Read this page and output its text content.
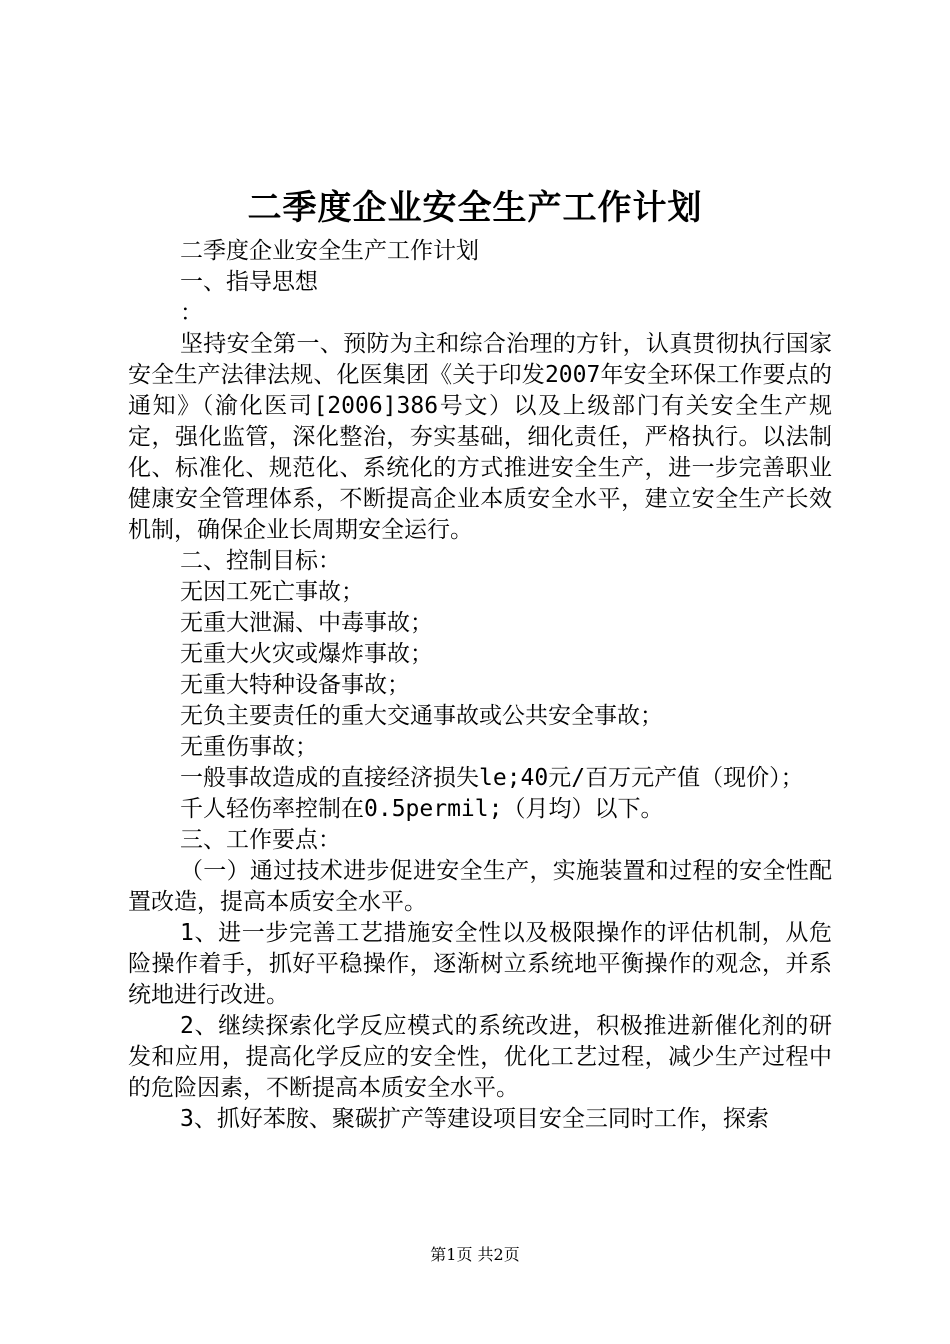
二季度企业安全生产工作计划

二季度企业安全生产工作计划

一、指导思想

：

坚持安全第一、预防为主和综合治理的方针，认真贯彻执行国家安全生产法律法规、化医集团《关于印发2007年安全环保工作要点的通知》（渝化医司[2006]386号文）以及上级部门有关安全生产规定，强化监管，深化整治，夯实基础，细化责任，严格执行。以法制化、标准化、规范化、系统化的方式推进安全生产，进一步完善职业健康安全管理体系，不断提高企业本质安全水平，建立安全生产长效机制，确保企业长周期安全运行。

二、控制目标：

无因工死亡事故；

无重大泄漏、中毒事故；

无重大火灾或爆炸事故；

无重大特种设备事故；

无负主要责任的重大交通事故或公共安全事故；

无重伤事故；

一般事故造成的直接经济损失le;40元/百万元产值（现价）；

千人轻伤率控制在0.5permil;（月均）以下。

三、工作要点：

（一）通过技术进步促进安全生产，实施装置和过程的安全性配置改造，提高本质安全水平。

1、进一步完善工艺措施安全性以及极限操作的评估机制，从危险操作着手，抓好平稳操作，逐渐树立系统地平衡操作的观念，并系统地进行改进。

2、继续探索化学反应模式的系统改进，积极推进新催化剂的研发和应用，提高化学反应的安全性，优化工艺过程，减少生产过程中的危险因素，不断提高本质安全水平。

3、抓好苯胺、聚碳扩产等建设项目安全三同时工作，探索

第1页 共2页
